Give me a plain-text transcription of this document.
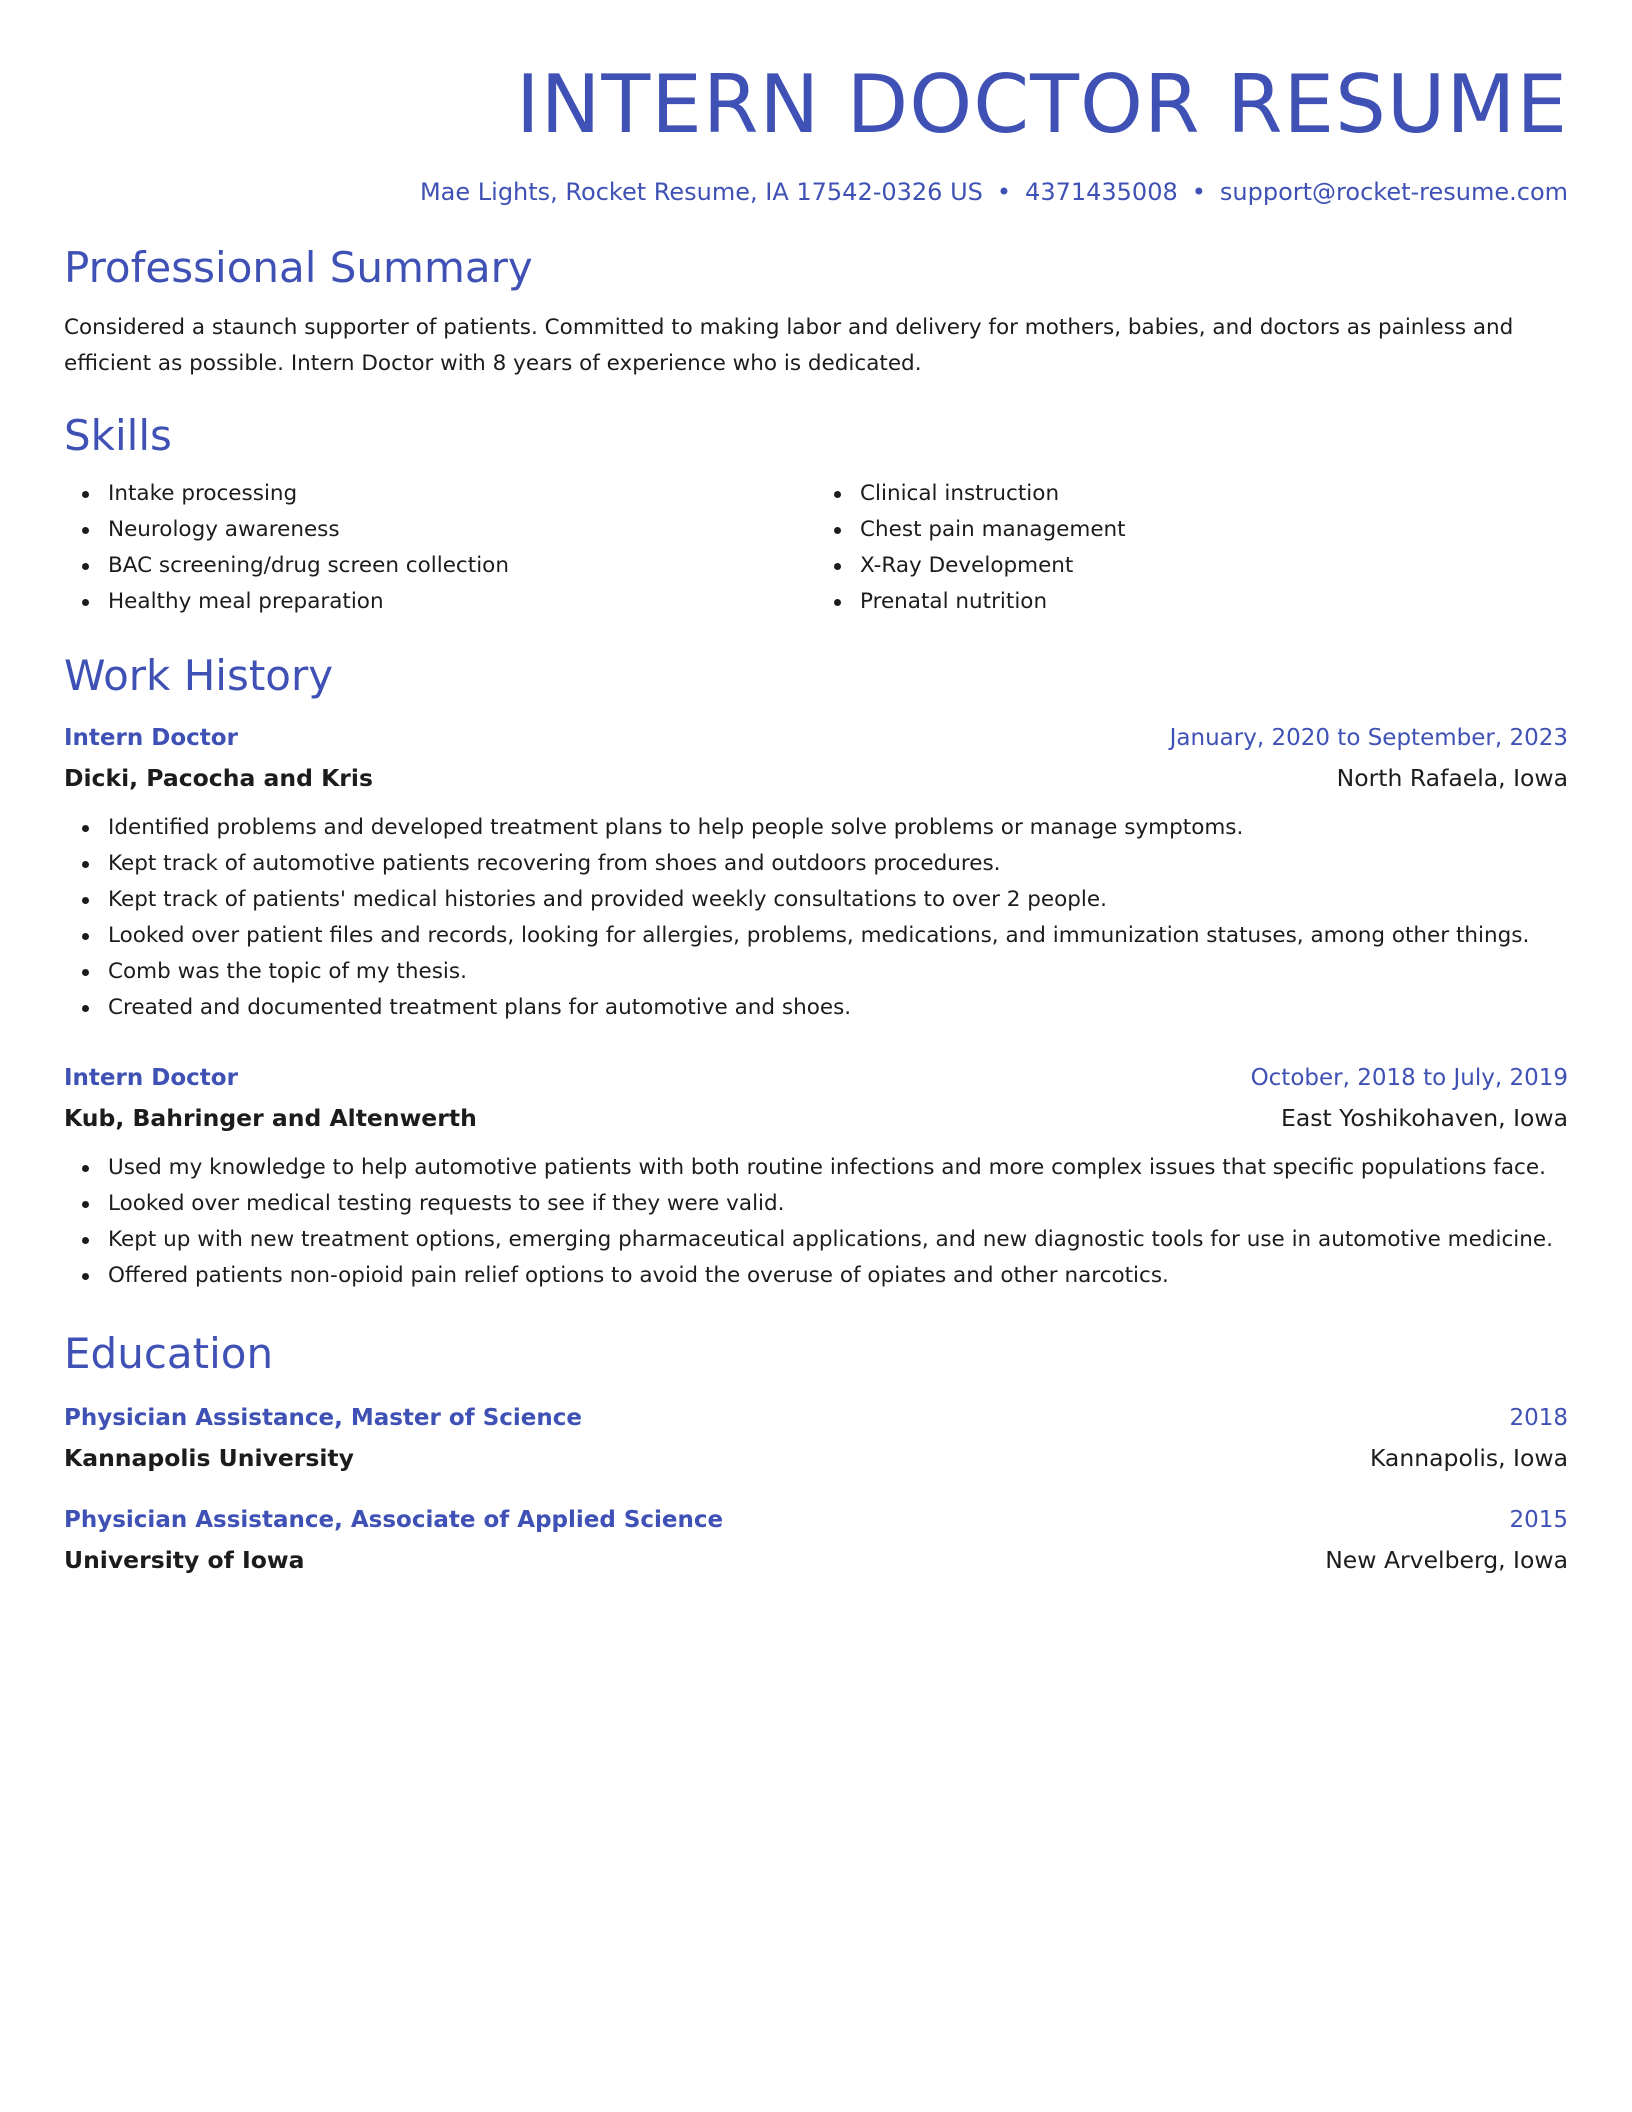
INTERN DOCTOR RESUME
Mae Lights, Rocket Resume, IA 17542-0326 US • 4371435008 • support@rocket-resume.com
Professional Summary

Considered a staunch supporter of patients. Committed to making labor and delivery for mothers, babies, and doctors as painless and efficient as possible. Intern Doctor with 8 years of experience who is dedicated.

Skills
Intake processing
Neurology awareness
BAC screening/drug screen collection
Healthy meal preparation
Clinical instruction
Chest pain management
X-Ray Development
Prenatal nutrition
Work History
Intern Doctor	January, 2020 to September, 2023
Dicki, Pacocha and Kris	North Rafaela, Iowa
Identified problems and developed treatment plans to help people solve problems or manage symptoms.
Kept track of automotive patients recovering from shoes and outdoors procedures.
Kept track of patients' medical histories and provided weekly consultations to over 2 people.
Looked over patient files and records, looking for allergies, problems, medications, and immunization statuses, among other things.
Comb was the topic of my thesis.
Created and documented treatment plans for automotive and shoes.
Intern Doctor	October, 2018 to July, 2019
Kub, Bahringer and Altenwerth	East Yoshikohaven, Iowa
Used my knowledge to help automotive patients with both routine infections and more complex issues that specific populations face.
Looked over medical testing requests to see if they were valid.
Kept up with new treatment options, emerging pharmaceutical applications, and new diagnostic tools for use in automotive medicine.
Offered patients non-opioid pain relief options to avoid the overuse of opiates and other narcotics.
Education
Physician Assistance, Master of Science	2018
Kannapolis University	Kannapolis, Iowa
Physician Assistance, Associate of Applied Science	2015
University of Iowa	New Arvelberg, Iowa
